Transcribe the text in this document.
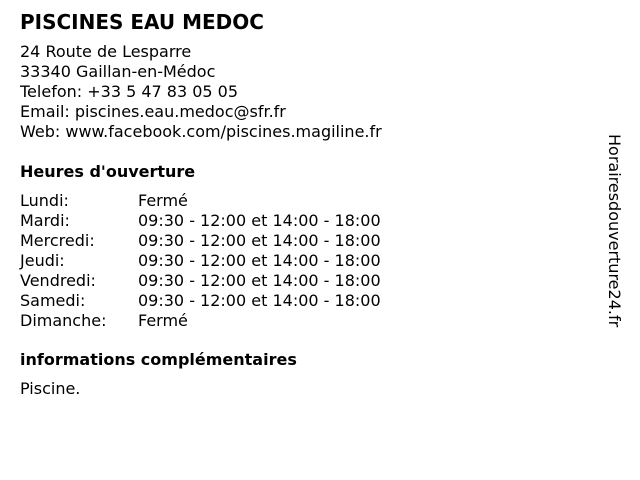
PISCINES EAU MEDOC
24 Route de Lesparre
33340 Gaillan-en-Médoc
Telefon: +33 5 47 83 05 05
Email: piscines.eau.medoc@sfr.fr
Web: www.facebook.com/piscines.magiline.fr
Heures d'ouverture
Lundi:	Fermé
Mardi:	09:30 - 12:00 et 14:00 - 18:00
Mercredi:	09:30 - 12:00 et 14:00 - 18:00
Jeudi:	09:30 - 12:00 et 14:00 - 18:00
Vendredi:	09:30 - 12:00 et 14:00 - 18:00
Samedi:	09:30 - 12:00 et 14:00 - 18:00
Dimanche:	Fermé
informations complémentaires
Piscine.
Horairesdouverture24.fr
